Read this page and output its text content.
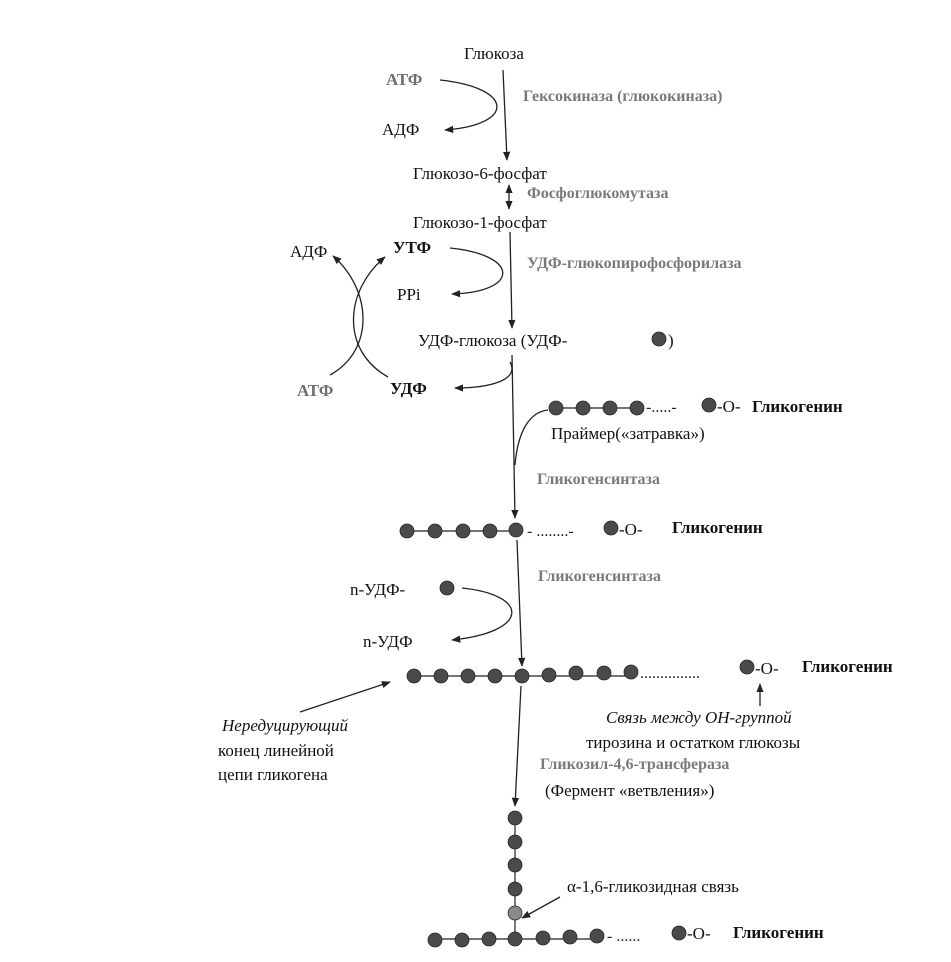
Глюкоза
АТФ
Гексокиназа (глюкокиназа)
АДФ
Глюкозо-6-фосфат
Фосфоглюкомутаза
Глюкозо-1-фосфат
АДФ	УТФ
УДФ-глюкопирофосфорилаза
PPi
УДФ-глюкоза (УДФ-	)
АТФ	УДФ
-.....- -О- Гликогенин
Праймер(«затравка»)
Гликогенсинтаза
- ........-	-О- Гликогенин
Гликогенсинтаза
n-УДФ-
n-УДФ
...............	-О- Гликогенин
Нередуцирующий
конец линейной
цепи гликогена
Связь между ОН-группой
тирозина и остатком глюкозы
Гликозил-4,6-трансфераза
(Фермент «ветвления»)
α-1,6-гликозидная связь
- ......	-О- Гликогенин
